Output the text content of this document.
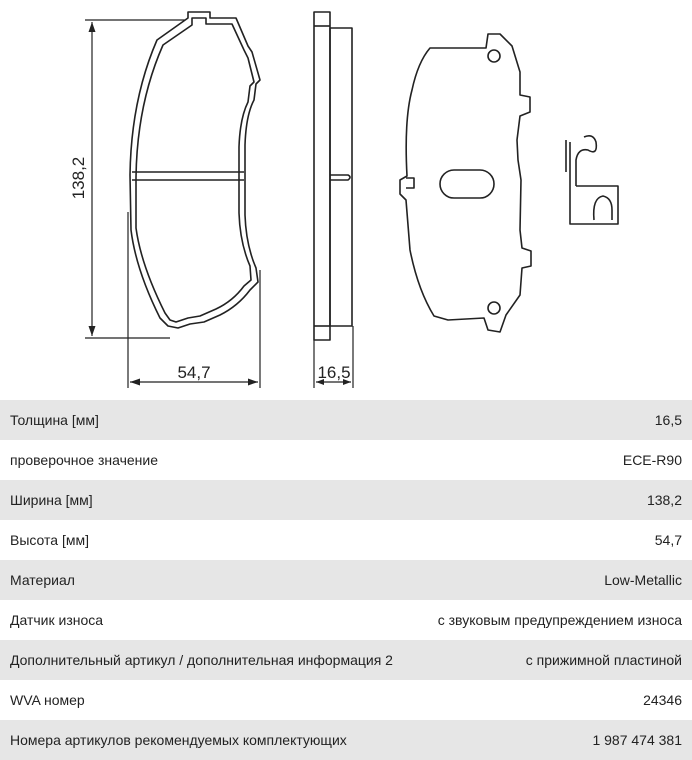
138,2
54,7	16,5
Толщина [мм]	16,5
проверочное значение	ECE-R90
Ширина [мм]	138,2
Высота [мм]	54,7
Материал	Low-Metallic
Датчик износа	с звуковым предупреждением износа
Дополнительный артикул / дополнительная информация 2	с прижимной пластиной
WVA номер	24346
Номера артикулов рекомендуемых комплектующих	1 987 474 381
